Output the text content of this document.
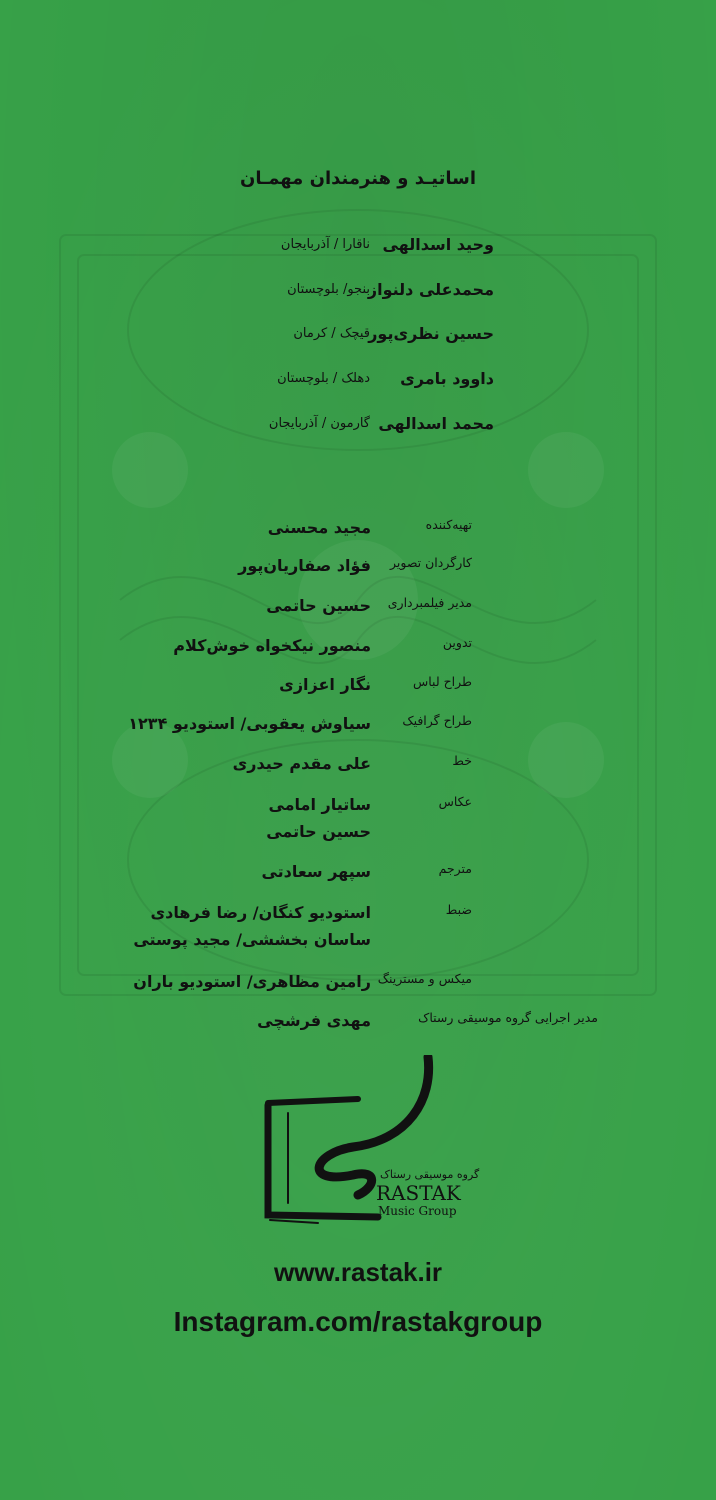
اساتیـد و هنرمندان مهمـان
وحید اسدالهی
ناقارا / آذربایجان
محمدعلی دلنواز
بنجو/ بلوچستان
حسین نظری‌پور
قیچک / کرمان
داوود بامری
دهلک / بلوچستان
محمد اسدالهی
گارمون / آذربایجان
تهیه‌کننده
مجید محسنی
کارگردان تصویر
فؤاد صفاریان‌پور
مدیر فیلمبرداری
حسین حاتمی
تدوین
منصور نیکخواه خوش‌کلام
طراح لباس
نگار اعزازی
طراح گرافیک
سیاوش یعقوبی/ استودیو ۱۲۳۴
خط
علی مقدم حیدری
عکاس
ساتیار امامی
حسین حاتمی
مترجم
سپهر سعادتی
ضبط
استودیو کنگان/ رضا فرهادی
ساسان بخششی/ مجید پوستی
میکس و مسترینگ
رامین مظاهری/ استودیو باران
مدیر اجرایی گروه موسیقی رستاک
مهدی فرشچی
گروه موسیقی رستاک
RASTAK
Music Group
www.rastak.ir
Instagram.com/rastakgroup
